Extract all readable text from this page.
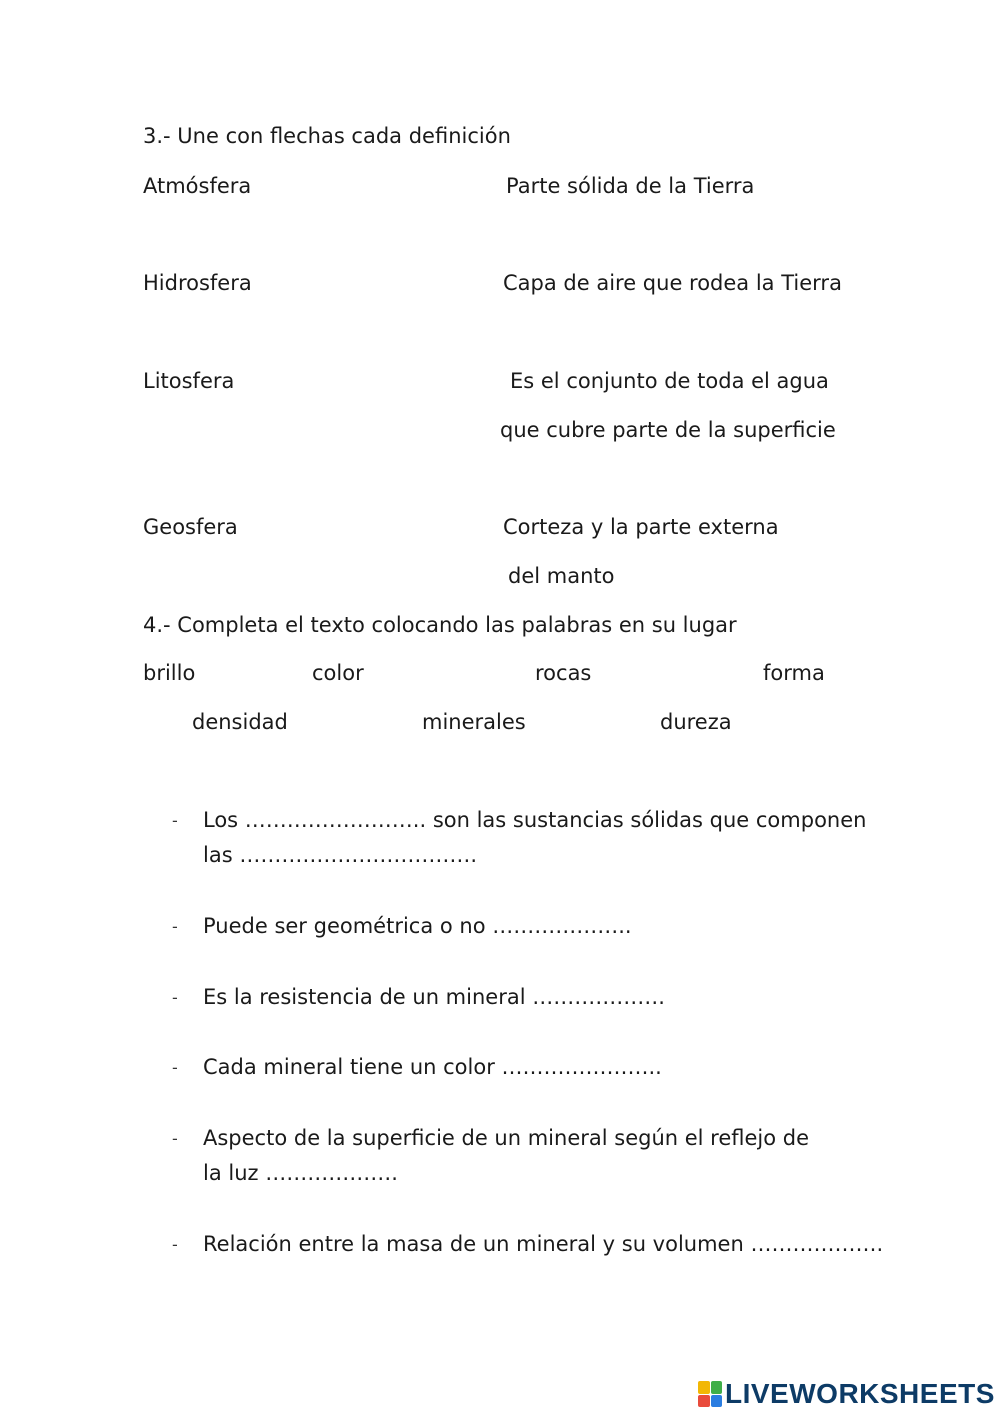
3.- Une con flechas cada definición
Atmósfera	Parte sólida de la Tierra
Hidrosfera	Capa de aire que rodea la Tierra
Litosfera	Es el conjunto de toda el agua
que cubre parte de la superficie
Geosfera	Corteza y la parte externa
del manto
4.- Completa el texto colocando las palabras en su lugar
brillo	color	rocas	forma
densidad	minerales	dureza
- Los …………………….. son las sustancias sólidas que componen
las …………………………….
- Puede ser geométrica o no ………………..
- Es la resistencia de un mineral ……………….
- Cada mineral tiene un color …………………..
- Aspecto de la superficie de un mineral según el reflejo de
la luz ……………….
- Relación entre la masa de un mineral y su volumen ……………….
LIVEWORKSHEETS
